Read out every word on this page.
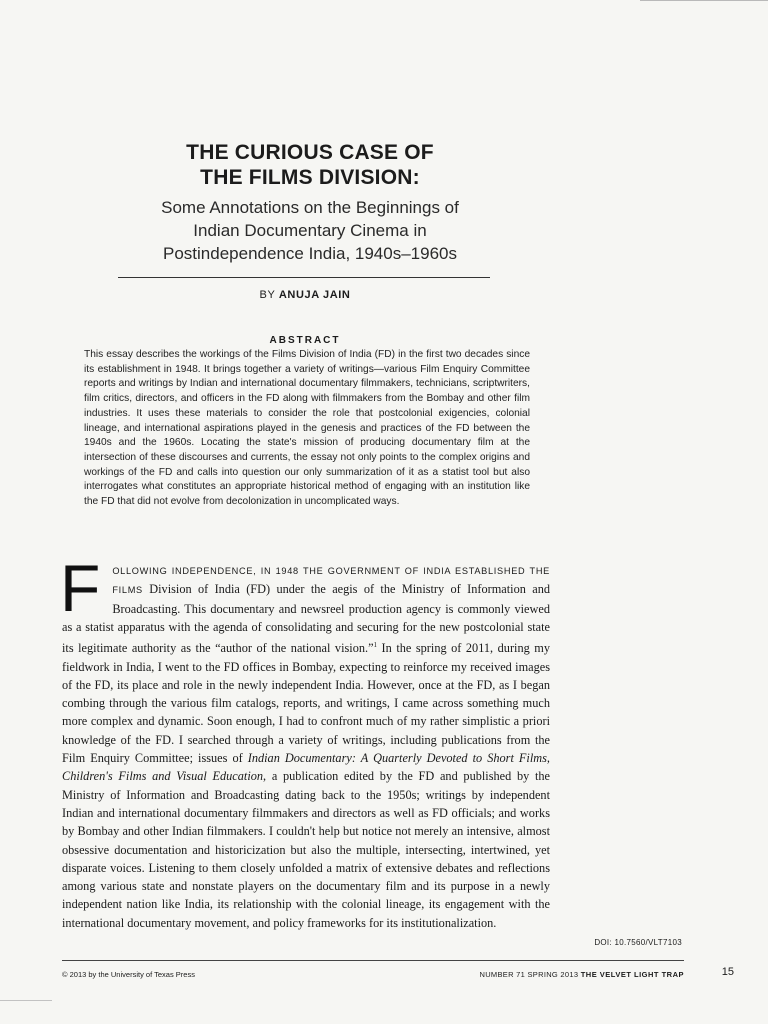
THE CURIOUS CASE OF
THE FILMS DIVISION:
Some Annotations on the Beginnings of
Indian Documentary Cinema in
Postindependence India, 1940s–1960s
BY ANUJA JAIN
ABSTRACT
This essay describes the workings of the Films Division of India (FD) in the first two decades since its establishment in 1948. It brings together a variety of writings—various Film Enquiry Committee reports and writings by Indian and international documentary filmmakers, technicians, scriptwriters, film critics, directors, and officers in the FD along with filmmakers from the Bombay and other film industries. It uses these materials to consider the role that postcolonial exigencies, colonial lineage, and international aspirations played in the genesis and practices of the FD between the 1940s and the 1960s. Locating the state's mission of producing documentary film at the intersection of these discourses and currents, the essay not only points to the complex origins and workings of the FD and calls into question our only summarization of it as a statist tool but also interrogates what constitutes an appropriate historical method of engaging with an institution like the FD that did not evolve from decolonization in uncomplicated ways.
F OLLOWING INDEPENDENCE, IN 1948 THE GOVERNMENT OF INDIA ESTABLISHED THE FILMS Division of India (FD) under the aegis of the Ministry of Information and Broadcasting. This documentary and newsreel production agency is commonly viewed as a statist apparatus with the agenda of consolidating and securing for the new postcolonial state its legitimate authority as the “author of the national vision.”$^1$ In the spring of 2011, during my fieldwork in India, I went to the FD offices in Bombay, expecting to reinforce my received images of the FD, its place and role in the newly independent India. However, once at the FD, as I began combing through the various film catalogs, reports, and writings, I came across something much more complex and dynamic. Soon enough, I had to confront much of my rather simplistic a priori knowledge of the FD. I searched through a variety of writings, including publications from the Film Enquiry Committee; issues of Indian Documentary: A Quarterly Devoted to Short Films, Children's Films and Visual Education, a publication edited by the FD and published by the Ministry of Information and Broadcasting dating back to the 1950s; writings by independent Indian and international documentary filmmakers and directors as well as FD officials; and works by Bombay and other Indian filmmakers. I couldn't help but notice not merely an intensive, almost obsessive documentation and historicization but also the multiple, intersecting, intertwined, yet disparate voices. Listening to them closely unfolded a matrix of extensive debates and reflections among various state and nonstate players on the documentary film and its purpose in a newly independent nation like India, its relationship with the colonial lineage, its engagement with the international documentary movement, and policy frameworks for its institutionalization.
DOI: 10.7560/VLT7103
© 2013 by the University of Texas Press	NUMBER 71 SPRING 2013 THE VELVET LIGHT TRAP	15
